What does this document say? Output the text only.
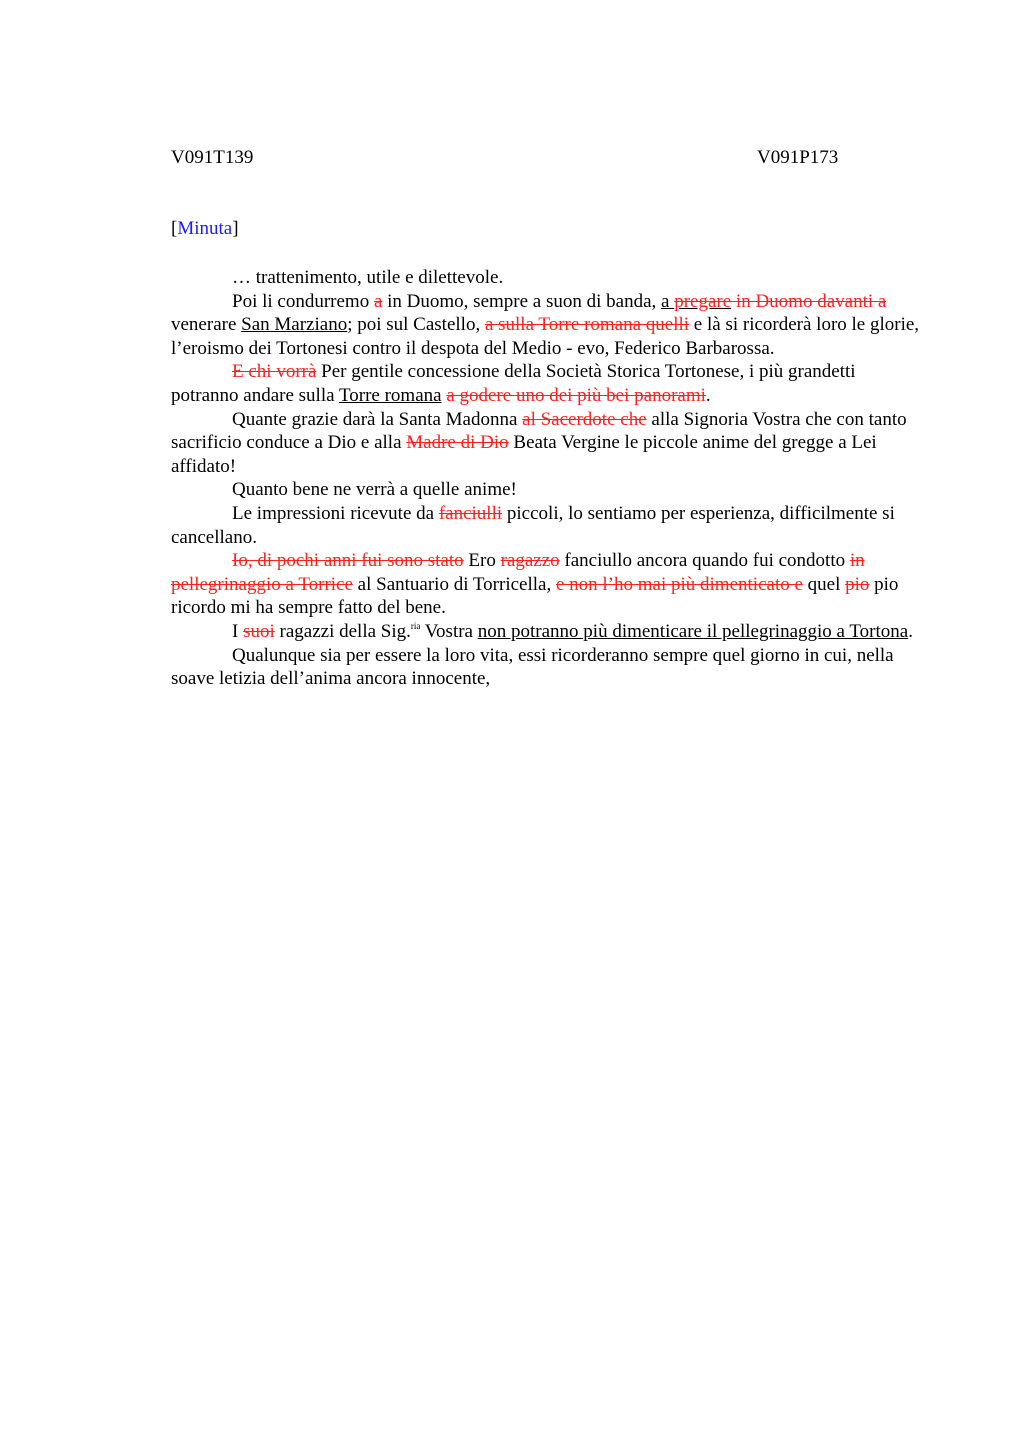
V091T139	V091P173
[Minuta]

… trattenimento, utile e dilettevole.

Poi li condurremo a in Duomo, sempre a suon di banda, a pregare in Duomo davanti a venerare San Marziano; poi sul Castello, a sulla Torre romana quelli e là si ricorderà loro le glorie, l’eroismo dei Tortonesi contro il despota del Medio - evo, Federico Barbarossa.

E chi vorrà Per gentile concessione della Società Storica Tortonese, i più grandetti potranno andare sulla Torre romana a godere uno dei più bei panorami.

Quante grazie darà la Santa Madonna al Sacerdote che alla Signoria Vostra che con tanto sacrificio conduce a Dio e alla Madre di Dio Beata Vergine le piccole anime del gregge a Lei affidato!

Quanto bene ne verrà a quelle anime!

Le impressioni ricevute da fanciulli piccoli, lo sentiamo per esperienza, difficilmente si cancellano.

Io, di pochi anni fui sono stato Ero ragazzo fanciullo ancora quando fui condotto in pellegrinaggio a Torrice al Santuario di Torricella, e non l’ho mai più dimenticato e quel pio pio ricordo mi ha sempre fatto del bene.

I suoi ragazzi della Sig.$^{ria}$ Vostra non potranno più dimenticare il pellegrinaggio a Tortona.

Qualunque sia per essere la loro vita, essi ricorderanno sempre quel giorno in cui, nella soave letizia dell’anima ancora innocente,
